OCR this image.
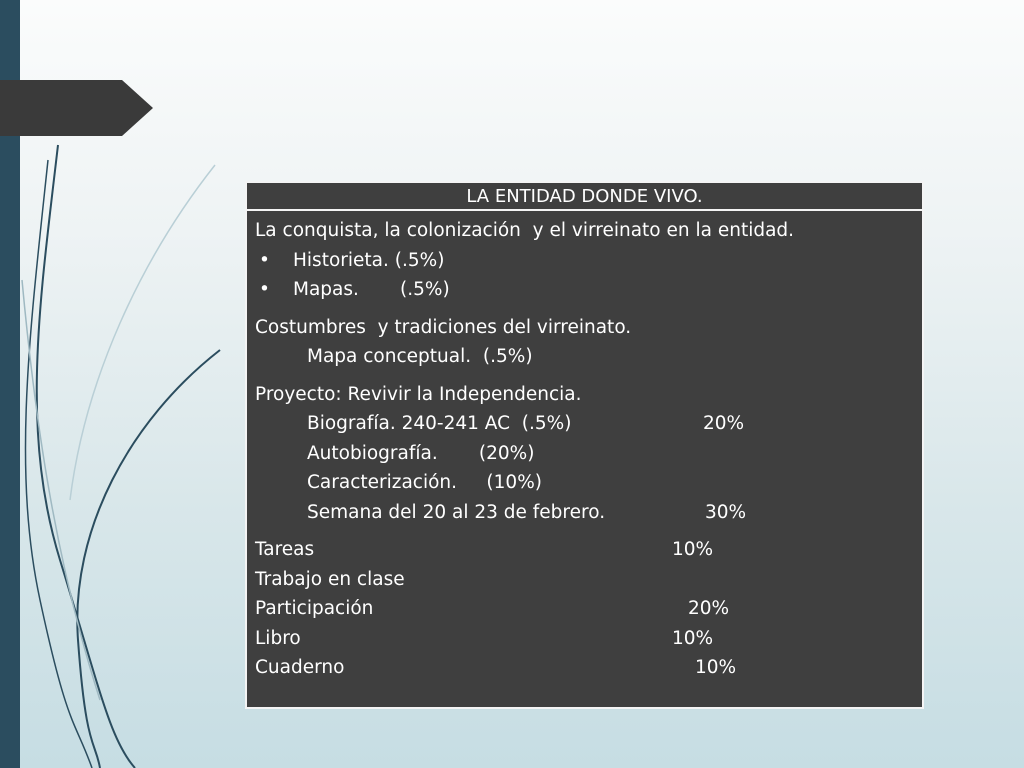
LA ENTIDAD DONDE VIVO.
La conquista, la colonización  y el virreinato en la entidad.
• Historieta. (.5%)
• Mapas.       (.5%)
Costumbres  y tradiciones del virreinato.
Mapa conceptual.  (.5%)
Proyecto: Revivir la Independencia.
Biografía. 240-241 AC  (.5%)	20%
Autobiografía.       (20%)
Caracterización.     (10%)
Semana del 20 al 23 de febrero.	30%
Tareas	10%
Trabajo en clase
Participación	20%
Libro	10%
Cuaderno	10%
